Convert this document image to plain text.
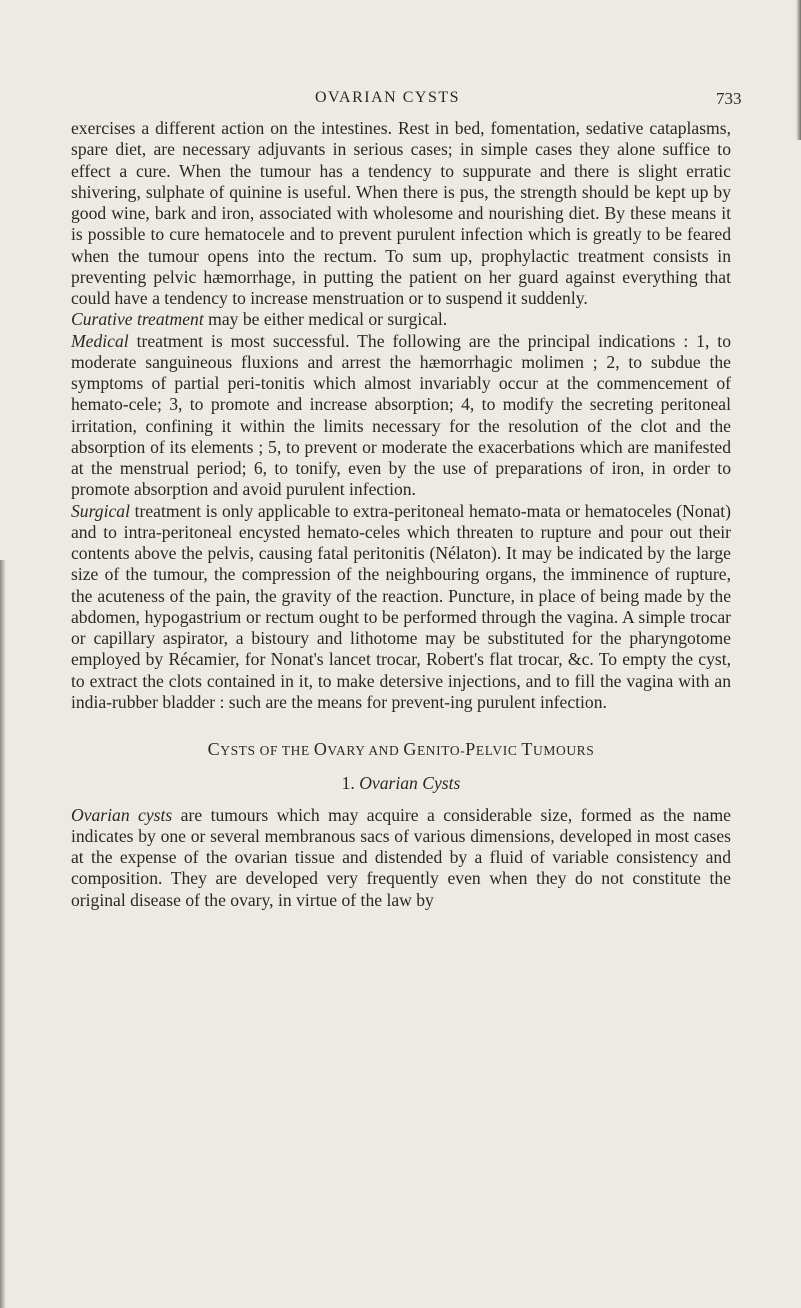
OVARIAN CYSTS	733

exercises a different action on the intestines. Rest in bed, fomentation, sedative cataplasms, spare diet, are necessary adjuvants in serious cases; in simple cases they alone suffice to effect a cure. When the tumour has a tendency to suppurate and there is slight erratic shivering, sulphate of quinine is useful. When there is pus, the strength should be kept up by good wine, bark and iron, associated with wholesome and nourishing diet. By these means it is possible to cure hematocele and to prevent purulent infection which is greatly to be feared when the tumour opens into the rectum. To sum up, prophylactic treatment consists in preventing pelvic hæmorrhage, in putting the patient on her guard against everything that could have a tendency to increase menstruation or to suspend it suddenly.

Curative treatment may be either medical or surgical.

Medical treatment is most successful. The following are the principal indications : 1, to moderate sanguineous fluxions and arrest the hæmorrhagic molimen ; 2, to subdue the symptoms of partial peri-tonitis which almost invariably occur at the commencement of hemato-cele; 3, to promote and increase absorption; 4, to modify the secreting peritoneal irritation, confining it within the limits necessary for the resolution of the clot and the absorption of its elements ; 5, to prevent or moderate the exacerbations which are manifested at the menstrual period; 6, to tonify, even by the use of preparations of iron, in order to promote absorption and avoid purulent infection.

Surgical treatment is only applicable to extra-peritoneal hemato-mata or hematoceles (Nonat) and to intra-peritoneal encysted hemato-celes which threaten to rupture and pour out their contents above the pelvis, causing fatal peritonitis (Nélaton). It may be indicated by the large size of the tumour, the compression of the neighbouring organs, the imminence of rupture, the acuteness of the pain, the gravity of the reaction. Puncture, in place of being made by the abdomen, hypogastrium or rectum ought to be performed through the vagina. A simple trocar or capillary aspirator, a bistoury and lithotome may be substituted for the pharyngotome employed by Récamier, for Nonat's lancet trocar, Robert's flat trocar, &c. To empty the cyst, to extract the clots contained in it, to make detersive injections, and to fill the vagina with an india-rubber bladder : such are the means for prevent-ing purulent infection.

CYSTS OF THE OVARY AND GENITO-PELVIC TUMOURS
1. Ovarian Cysts

Ovarian cysts are tumours which may acquire a considerable size, formed as the name indicates by one or several membranous sacs of various dimensions, developed in most cases at the expense of the ovarian tissue and distended by a fluid of variable consistency and composition. They are developed very frequently even when they do not constitute the original disease of the ovary, in virtue of the law by
